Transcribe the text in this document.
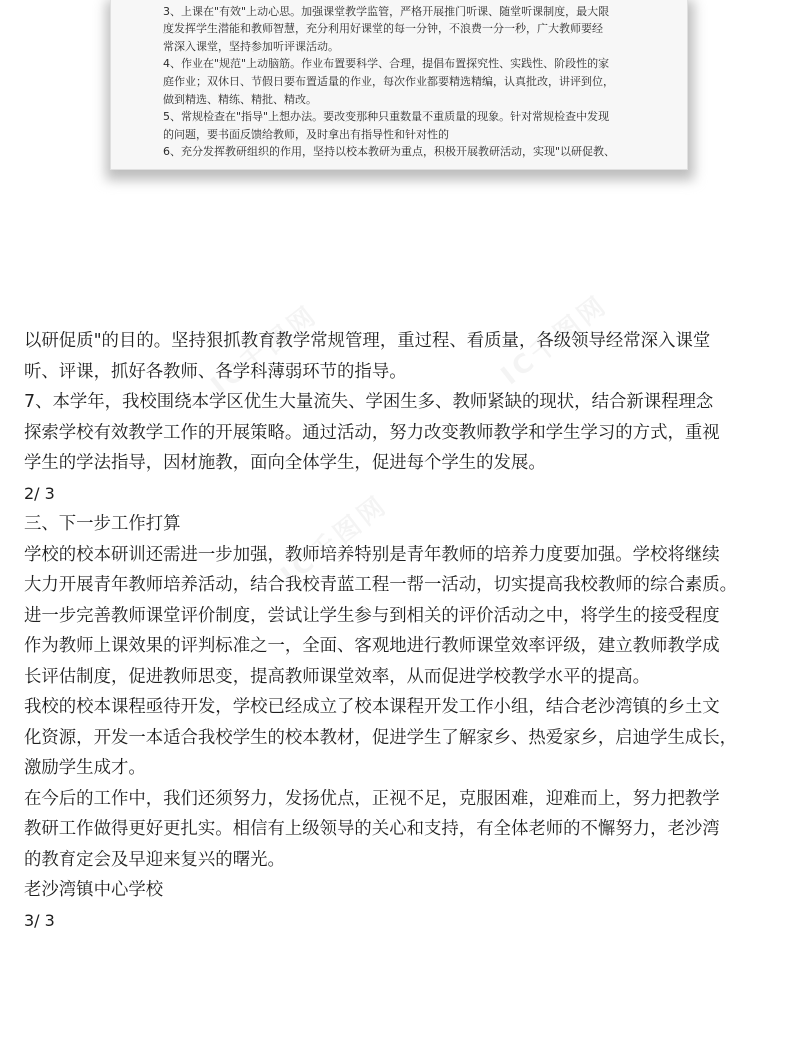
3、上课在"有效"上动心思。加强课堂教学监管，严格开展推门听课、随堂听课制度，最大限
度发挥学生潜能和教师智慧，充分利用好课堂的每一分钟，不浪费一分一秒，广大教师要经
常深入课堂，坚持参加听评课活动。
4、作业在"规范"上动脑筋。作业布置要科学、合理，提倡布置探究性、实践性、阶段性的家
庭作业；双休日、节假日要布置适量的作业，每次作业都要精选精编，认真批改，讲评到位，
做到精选、精练、精批、精改。
5、常规检查在"指导"上想办法。要改变那种只重数量不重质量的现象。针对常规检查中发现
的问题，要书面反馈给教师，及时拿出有指导性和针对性的
6、充分发挥教研组织的作用，坚持以校本教研为重点，积极开展教研活动，实现"以研促教、
以研促质"的目的。坚持狠抓教育教学常规管理，重过程、看质量，各级领导经常深入课堂
听、评课，抓好各教师、各学科薄弱环节的指导。
7、本学年，我校围绕本学区优生大量流失、学困生多、教师紧缺的现状，结合新课程理念
探索学校有效教学工作的开展策略。通过活动，努力改变教师教学和学生学习的方式，重视
学生的学法指导，因材施教，面向全体学生，促进每个学生的发展。
2/ 3
三、下一步工作打算
学校的校本研训还需进一步加强，教师培养特别是青年教师的培养力度要加强。学校将继续
大力开展青年教师培养活动，结合我校青蓝工程一帮一活动，切实提高我校教师的综合素质。
进一步完善教师课堂评价制度，尝试让学生参与到相关的评价活动之中，将学生的接受程度
作为教师上课效果的评判标准之一，全面、客观地进行教师课堂效率评级，建立教师教学成
长评估制度，促进教师思变，提高教师课堂效率，从而促进学校教学水平的提高。
我校的校本课程亟待开发，学校已经成立了校本课程开发工作小组，结合老沙湾镇的乡土文
化资源，开发一本适合我校学生的校本教材，促进学生了解家乡、热爱家乡，启迪学生成长，
激励学生成才。
在今后的工作中，我们还须努力，发扬优点，正视不足，克服困难，迎难而上，努力把教学
教研工作做得更好更扎实。相信有上级领导的关心和支持，有全体老师的不懈努力，老沙湾
的教育定会及早迎来复兴的曙光。
老沙湾镇中心学校
3/ 3
